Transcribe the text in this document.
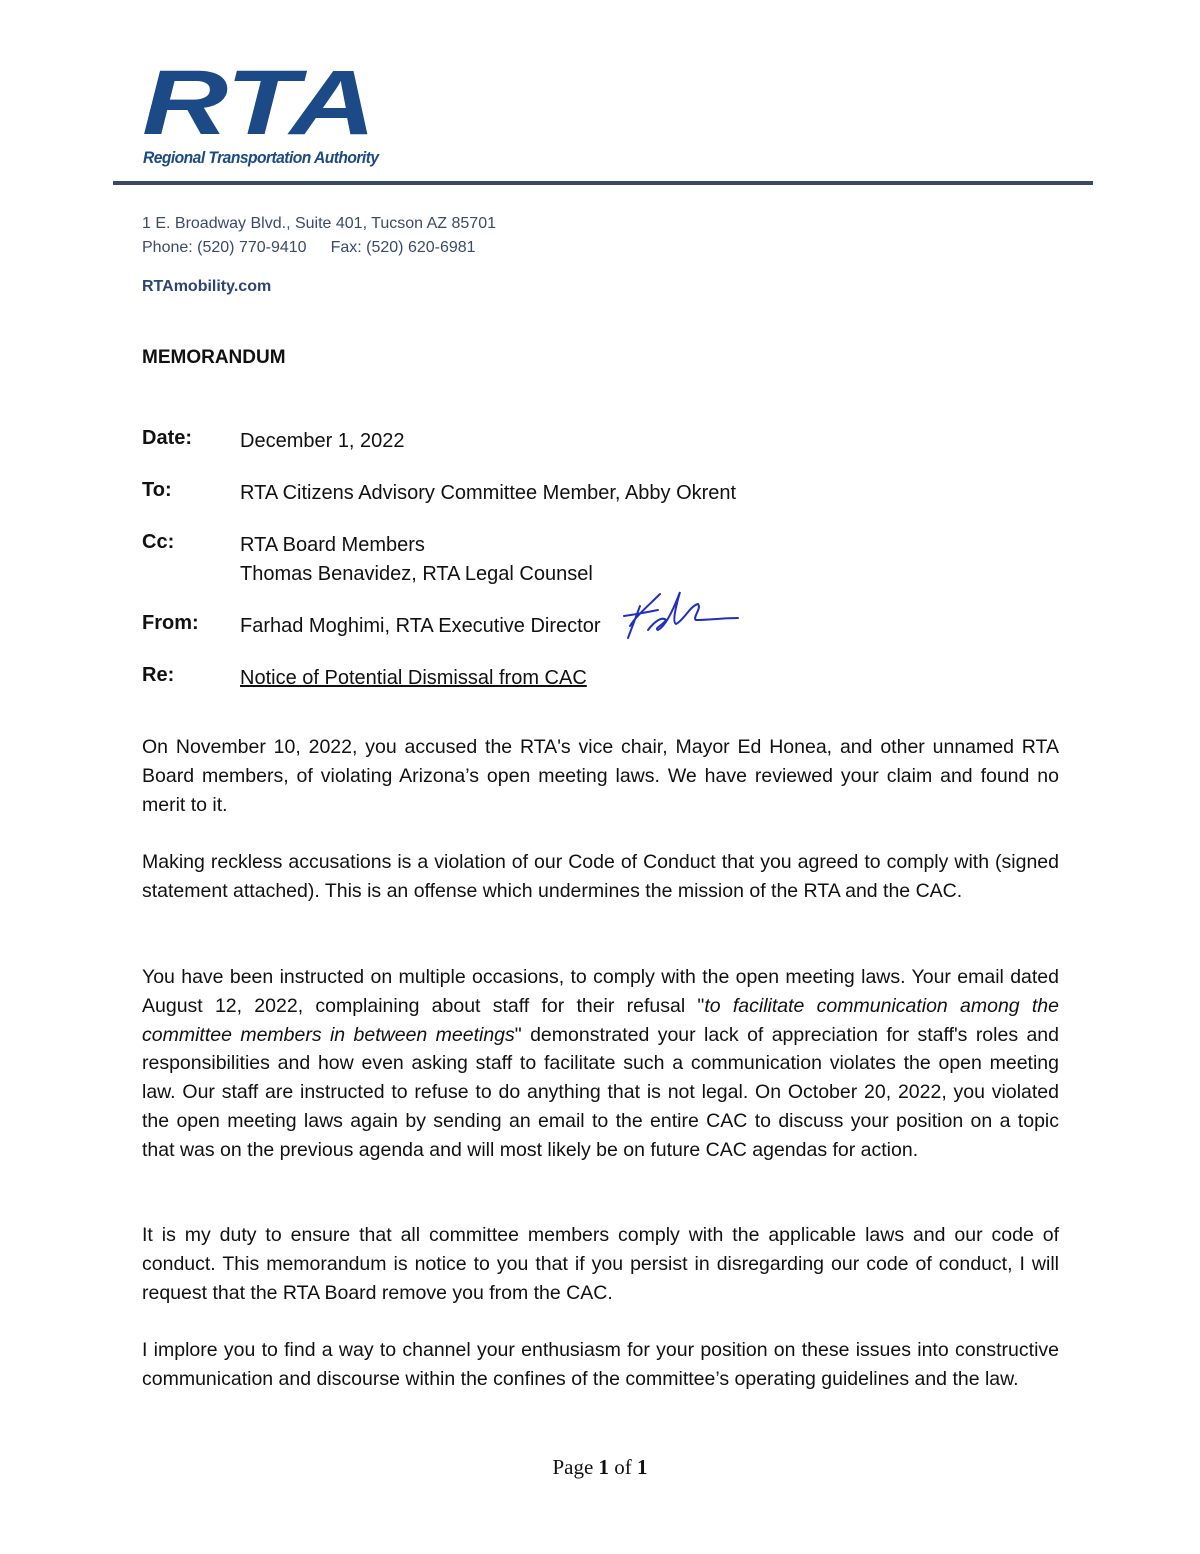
RTA
Regional Transportation Authority
1 E. Broadway Blvd., Suite 401, Tucson AZ 85701
Phone: (520) 770-9410 Fax: (520) 620-6981
RTAmobility.com
MEMORANDUM
Date:	December 1, 2022
To:	RTA Citizens Advisory Committee Member, Abby Okrent
Cc:	RTA Board Members
Thomas Benavidez, RTA Legal Counsel
From:	Farhad Moghimi, RTA Executive Director
Re:	Notice of Potential Dismissal from CAC

On November 10, 2022, you accused the RTA's vice chair, Mayor Ed Honea, and other unnamed RTA Board members, of violating Arizona’s open meeting laws. We have reviewed your claim and found no merit to it.

Making reckless accusations is a violation of our Code of Conduct that you agreed to comply with (signed statement attached). This is an offense which undermines the mission of the RTA and the CAC.

You have been instructed on multiple occasions, to comply with the open meeting laws. Your email dated August 12, 2022, complaining about staff for their refusal "to facilitate communication among the committee members in between meetings" demonstrated your lack of appreciation for staff's roles and responsibilities and how even asking staff to facilitate such a communication violates the open meeting law. Our staff are instructed to refuse to do anything that is not legal. On October 20, 2022, you violated the open meeting laws again by sending an email to the entire CAC to discuss your position on a topic that was on the previous agenda and will most likely be on future CAC agendas for action.

It is my duty to ensure that all committee members comply with the applicable laws and our code of conduct. This memorandum is notice to you that if you persist in disregarding our code of conduct, I will request that the RTA Board remove you from the CAC.

I implore you to find a way to channel your enthusiasm for your position on these issues into constructive communication and discourse within the confines of the committee’s operating guidelines and the law.

Page 1 of 1
